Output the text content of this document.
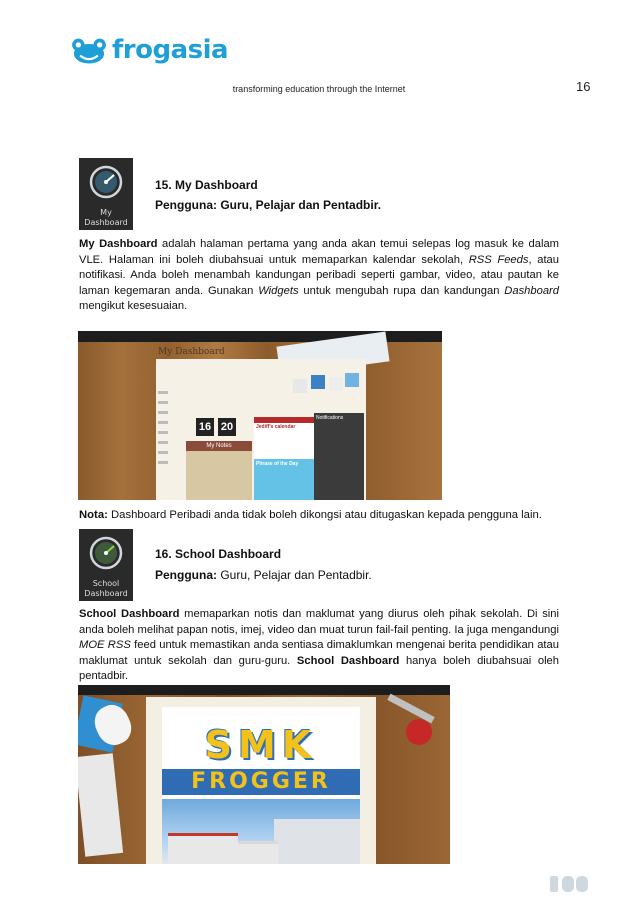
frogasia
transforming education through the Internet	16
My
Dashboard
15. My Dashboard
Pengguna: Guru, Pelajar dan Pentadbir.
My Dashboard adalah halaman pertama yang anda akan temui selepas log masuk ke dalam VLE. Halaman ini boleh diubahsuai untuk memaparkan kalendar sekolah, RSS Feeds, atau notifikasi. Anda boleh menambah kandungan peribadi seperti gambar, video, atau pautan ke laman kegemaran anda. Gunakan Widgets untuk mengubah rupa dan kandungan Dashboard mengikut kesesuaian.
My Dashboard
16 20
My Notes
Jediff's calendar
Phrase of the Day
Notifications
Nota: Dashboard Peribadi anda tidak boleh dikongsi atau ditugaskan kepada pengguna lain.
School
Dashboard
16. School Dashboard
Pengguna: Guru, Pelajar dan Pentadbir.
School Dashboard memaparkan notis dan maklumat yang diurus oleh pihak sekolah. Di sini anda boleh melihat papan notis, imej, video dan muat turun fail-fail penting. Ia juga mengandungi MOE RSS feed untuk memastikan anda sentiasa dimaklumkan mengenai berita pendidikan atau maklumat untuk sekolah dan guru-guru. School Dashboard hanya boleh diubahsuai oleh pentadbir.
SMK
FROGGER
